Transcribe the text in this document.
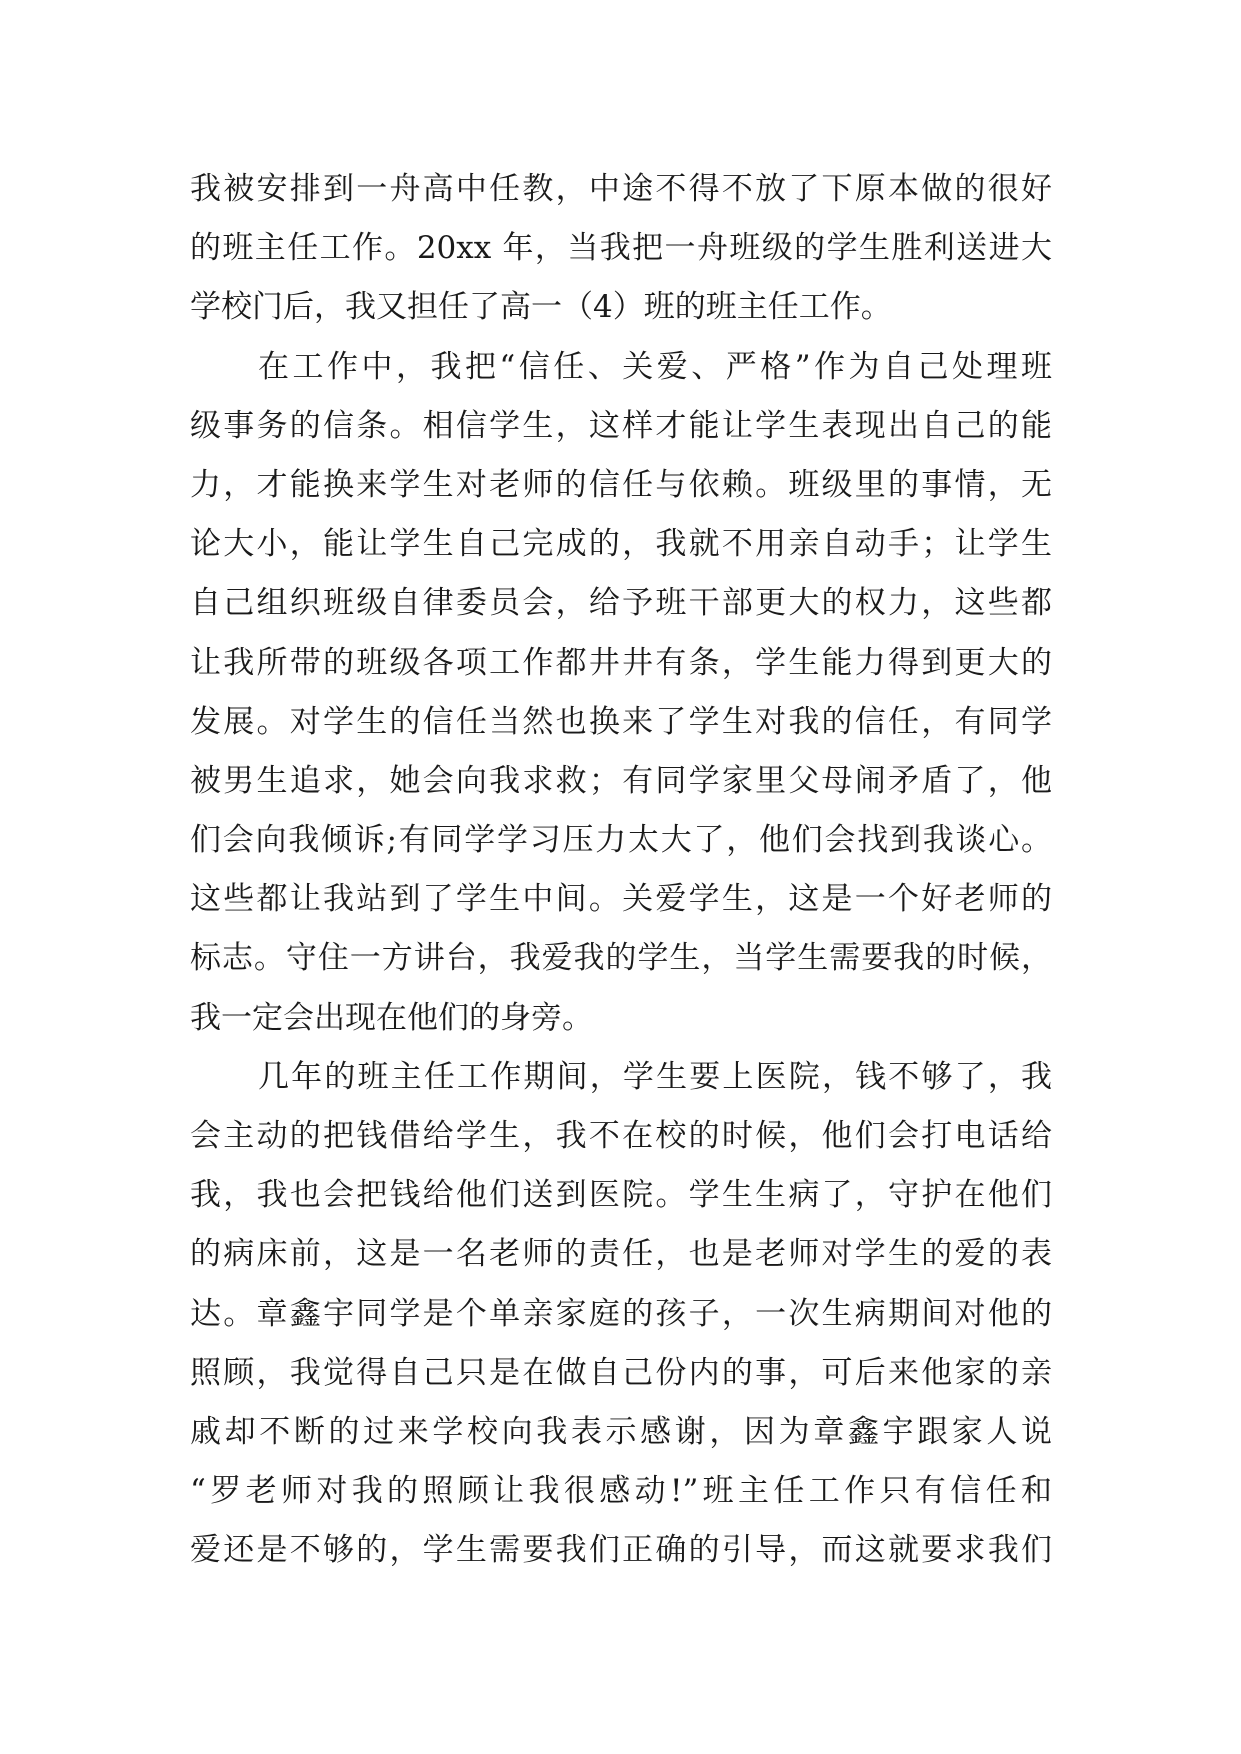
我被安排到一舟高中任教，中途不得不放了下原本做的很好
的班主任工作。20xx 年，当我把一舟班级的学生胜利送进大
学校门后，我又担任了高一（4）班的班主任工作。
在工作中，我把“信任、关爱、严格”作为自己处理班
级事务的信条。相信学生，这样才能让学生表现出自己的能
力，才能换来学生对老师的信任与依赖。班级里的事情，无
论大小，能让学生自己完成的，我就不用亲自动手；让学生
自己组织班级自律委员会，给予班干部更大的权力，这些都
让我所带的班级各项工作都井井有条，学生能力得到更大的
发展。对学生的信任当然也换来了学生对我的信任，有同学
被男生追求，她会向我求救；有同学家里父母闹矛盾了，他
们会向我倾诉;有同学学习压力太大了，他们会找到我谈心。
这些都让我站到了学生中间。关爱学生，这是一个好老师的
标志。守住一方讲台，我爱我的学生，当学生需要我的时候，
我一定会出现在他们的身旁。
几年的班主任工作期间，学生要上医院，钱不够了，我
会主动的把钱借给学生，我不在校的时候，他们会打电话给
我，我也会把钱给他们送到医院。学生生病了，守护在他们
的病床前，这是一名老师的责任，也是老师对学生的爱的表
达。章鑫宇同学是个单亲家庭的孩子，一次生病期间对他的
照顾，我觉得自己只是在做自己份内的事，可后来他家的亲
戚却不断的过来学校向我表示感谢，因为章鑫宇跟家人说
“罗老师对我的照顾让我很感动!”班主任工作只有信任和
爱还是不够的，学生需要我们正确的引导，而这就要求我们
